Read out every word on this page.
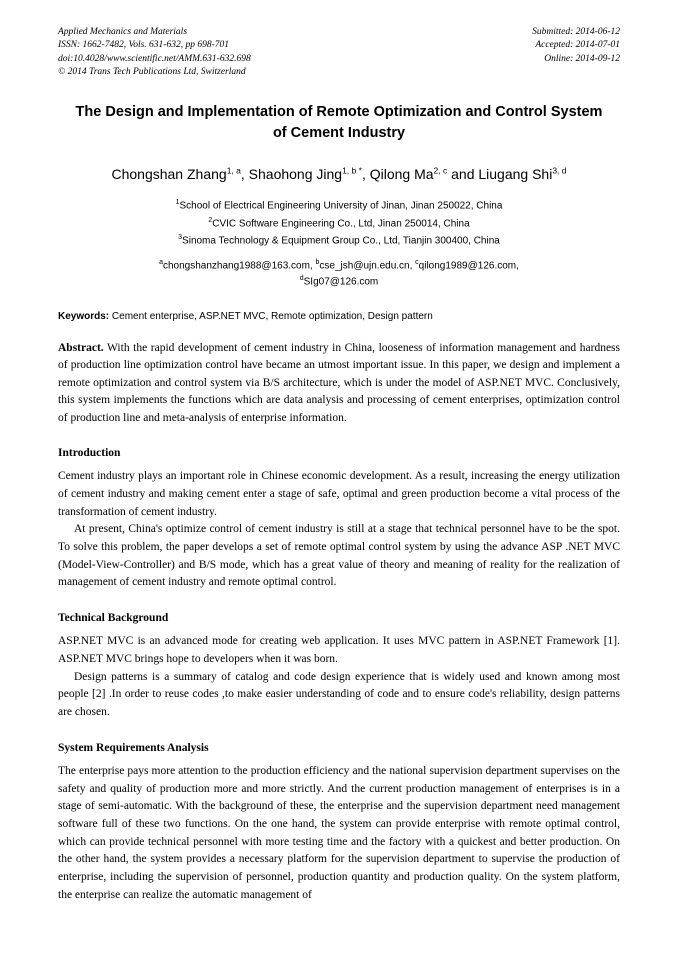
Applied Mechanics and Materials
ISSN: 1662-7482, Vols. 631-632, pp 698-701
doi:10.4028/www.scientific.net/AMM.631-632.698
© 2014 Trans Tech Publications Ltd, Switzerland
Submitted: 2014-06-12
Accepted: 2014-07-01
Online: 2014-09-12
The Design and Implementation of Remote Optimization and Control System of Cement Industry
Chongshan Zhang$^{1, a}$, Shaohong Jing$^{1, b *}$, Qilong Ma$^{2, c}$ and Liugang Shi$^{3, d}$
$^1$School of Electrical Engineering University of Jinan, Jinan 250022, China
$^2$CVIC Software Engineering Co., Ltd, Jinan 250014, China
$^3$Sinoma Technology & Equipment Group Co., Ltd, Tianjin 300400, China
$^a$chongshanzhang1988@163.com, $^b$cse_jsh@ujn.edu.cn, $^c$qilong1989@126.com,
$^d$SIg07@126.com
Keywords: Cement enterprise, ASP.NET MVC, Remote optimization, Design pattern
Abstract. With the rapid development of cement industry in China, looseness of information management and hardness of production line optimization control have became an utmost important issue. In this paper, we design and implement a remote optimization and control system via B/S architecture, which is under the model of ASP.NET MVC. Conclusively, this system implements the functions which are data analysis and processing of cement enterprises, optimization control of production line and meta-analysis of enterprise information.
Introduction

Cement industry plays an important role in Chinese economic development. As a result, increasing the energy utilization of cement industry and making cement enter a stage of safe, optimal and green production become a vital process of the transformation of cement industry.

At present, China's optimize control of cement industry is still at a stage that technical personnel have to be the spot. To solve this problem, the paper develops a set of remote optimal control system by using the advance ASP .NET MVC (Model-View-Controller) and B/S mode, which has a great value of theory and meaning of reality for the realization of management of cement industry and remote optimal control.

Technical Background

ASP.NET MVC is an advanced mode for creating web application. It uses MVC pattern in ASP.NET Framework [1]. ASP.NET MVC brings hope to developers when it was born.

Design patterns is a summary of catalog and code design experience that is widely used and known among most people [2] .In order to reuse codes ,to make easier understanding of code and to ensure code's reliability, design patterns are chosen.

System Requirements Analysis

The enterprise pays more attention to the production efficiency and the national supervision department supervises on the safety and quality of production more and more strictly. And the current production management of enterprises is in a stage of semi-automatic. With the background of these, the enterprise and the supervision department need management software full of these two functions. On the one hand, the system can provide enterprise with remote optimal control, which can provide technical personnel with more testing time and the factory with a quickest and better production. On the other hand, the system provides a necessary platform for the supervision department to supervise the production of enterprise, including the supervision of personnel, production quantity and production quality. On the system platform, the enterprise can realize the automatic management of
